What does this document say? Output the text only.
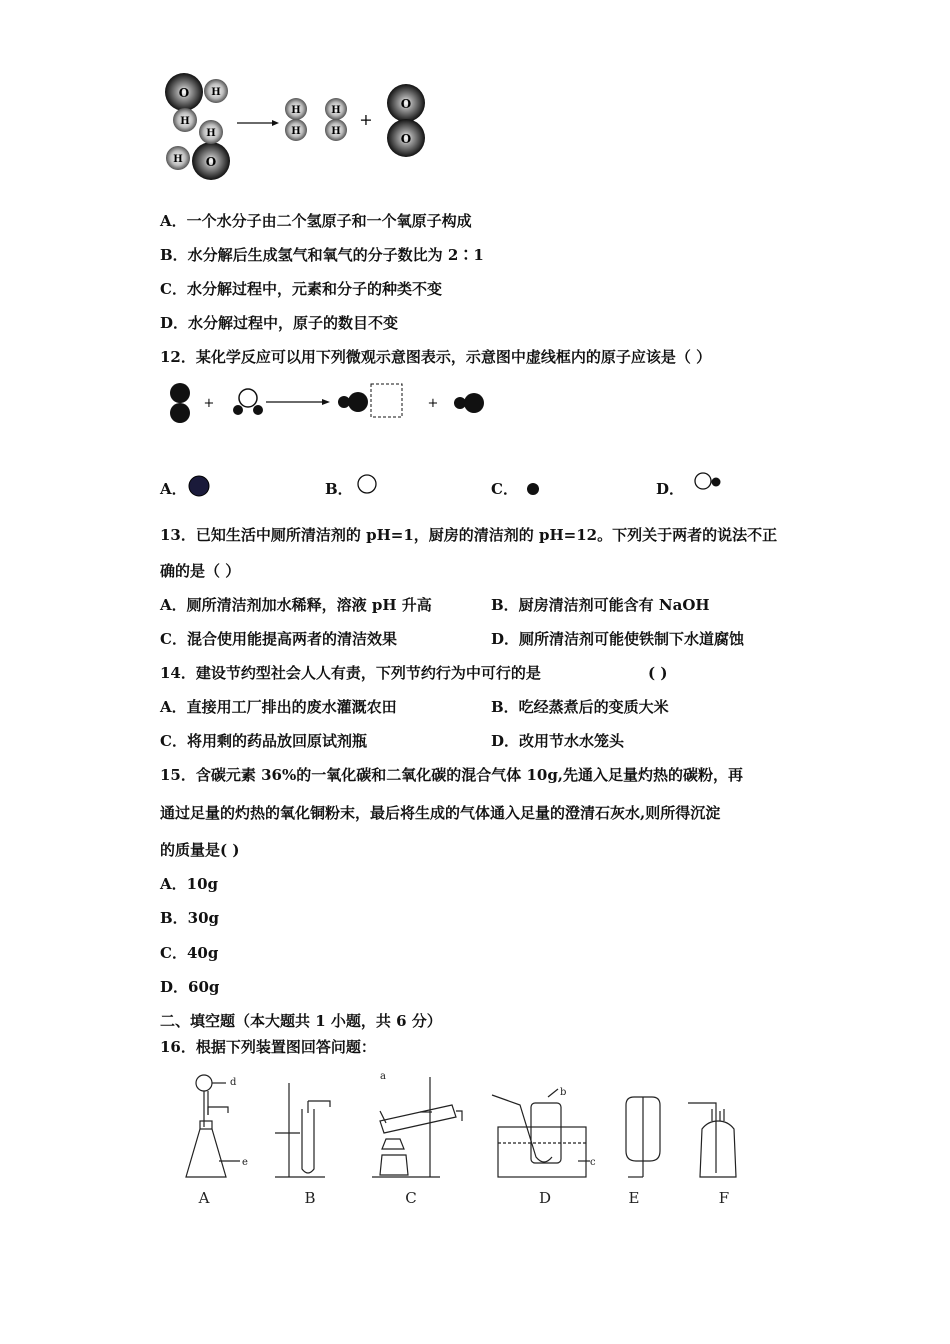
O H
H
O
H
H
H
H
H
H
+
O
O
A．一个水分子由二个氢原子和一个氧原子构成
B．水分解后生成氢气和氧气的分子数比为 2∶1
C．水分解过程中，元素和分子的种类不变
D．水分解过程中，原子的数目不变
12．某化学反应可以用下列微观示意图表示，示意图中虚线框内的原子应该是（ ）
+	+
A．	B．	C．	D．
13．已知生活中厕所清洁剂的 pH=1，厨房的清洁剂的 pH=12。下列关于两者的说法不正
确的是（ ）
A．厕所清洁剂加水稀释，溶液 pH 升高	B．厨房清洁剂可能含有 NaOH
C．混合使用能提高两者的清洁效果	D．厕所清洁剂可能使铁制下水道腐蚀
14．建设节约型社会人人有责，下列节约行为中可行的是	( )
A．直接用工厂排出的废水灌溉农田	B．吃经蒸煮后的变质大米
C．将用剩的药品放回原试剂瓶	D．改用节水水笼头
15．含碳元素 36%的一氧化碳和二氧化碳的混合气体 10g,先通入足量灼热的碳粉，再
通过足量的灼热的氧化铜粉末，最后将生成的气体通入足量的澄清石灰水,则所得沉淀
的质量是( )
A．10g
B．30g
C．40g
D．60g
二、填空题（本大题共 1 小题，共 6 分）
16．根据下列装置图回答问题：
a
b
c
d
e
A	B	C	D	E	F
